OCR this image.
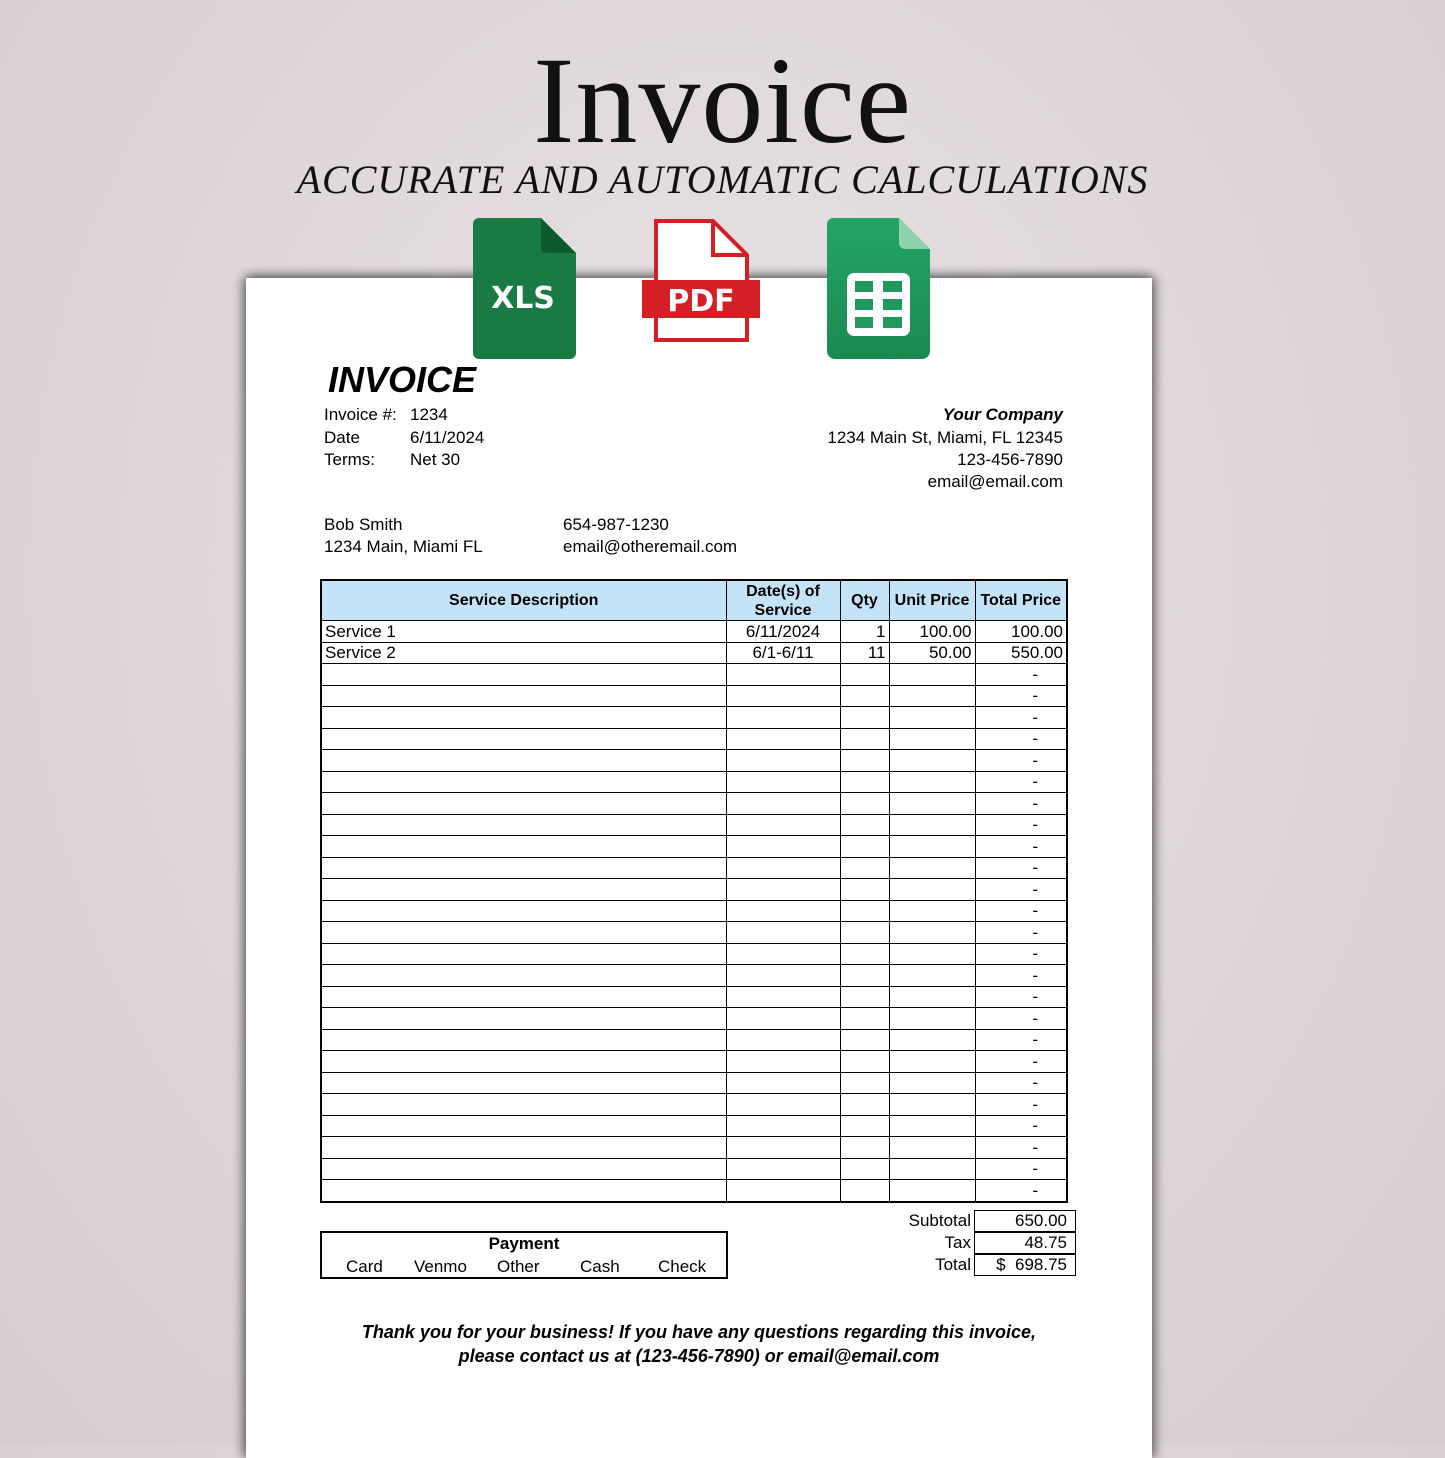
Invoice
ACCURATE AND AUTOMATIC CALCULATIONS
XLS	PDF
INVOICE
Invoice #: 1234
Date	6/11/2024
Terms: Net 30
Your Company
1234 Main St, Miami, FL 12345
123-456-7890
email@email.com
Bob Smith
1234 Main, Miami FL
654-987-1230
email@otheremail.com
Service Description	Date(s) of Service	Qty	Unit Price	Total Price
Service 1	6/11/2024	1	100.00	100.00
Service 2	6/1-6/11	11	50.00	550.00
				-
				-
				-
				-
				-
				-
				-
				-
				-
				-
				-
				-
				-
				-
				-
				-
				-
				-
				-
				-
				-
				-
				-
				-
				-
Payment
Card Venmo Other Cash Check
Subtotal	650.00
Tax	48.75
Total	$  698.75
Thank you for your business! If you have any questions regarding this invoice,
please contact us at (123-456-7890) or email@email.com
